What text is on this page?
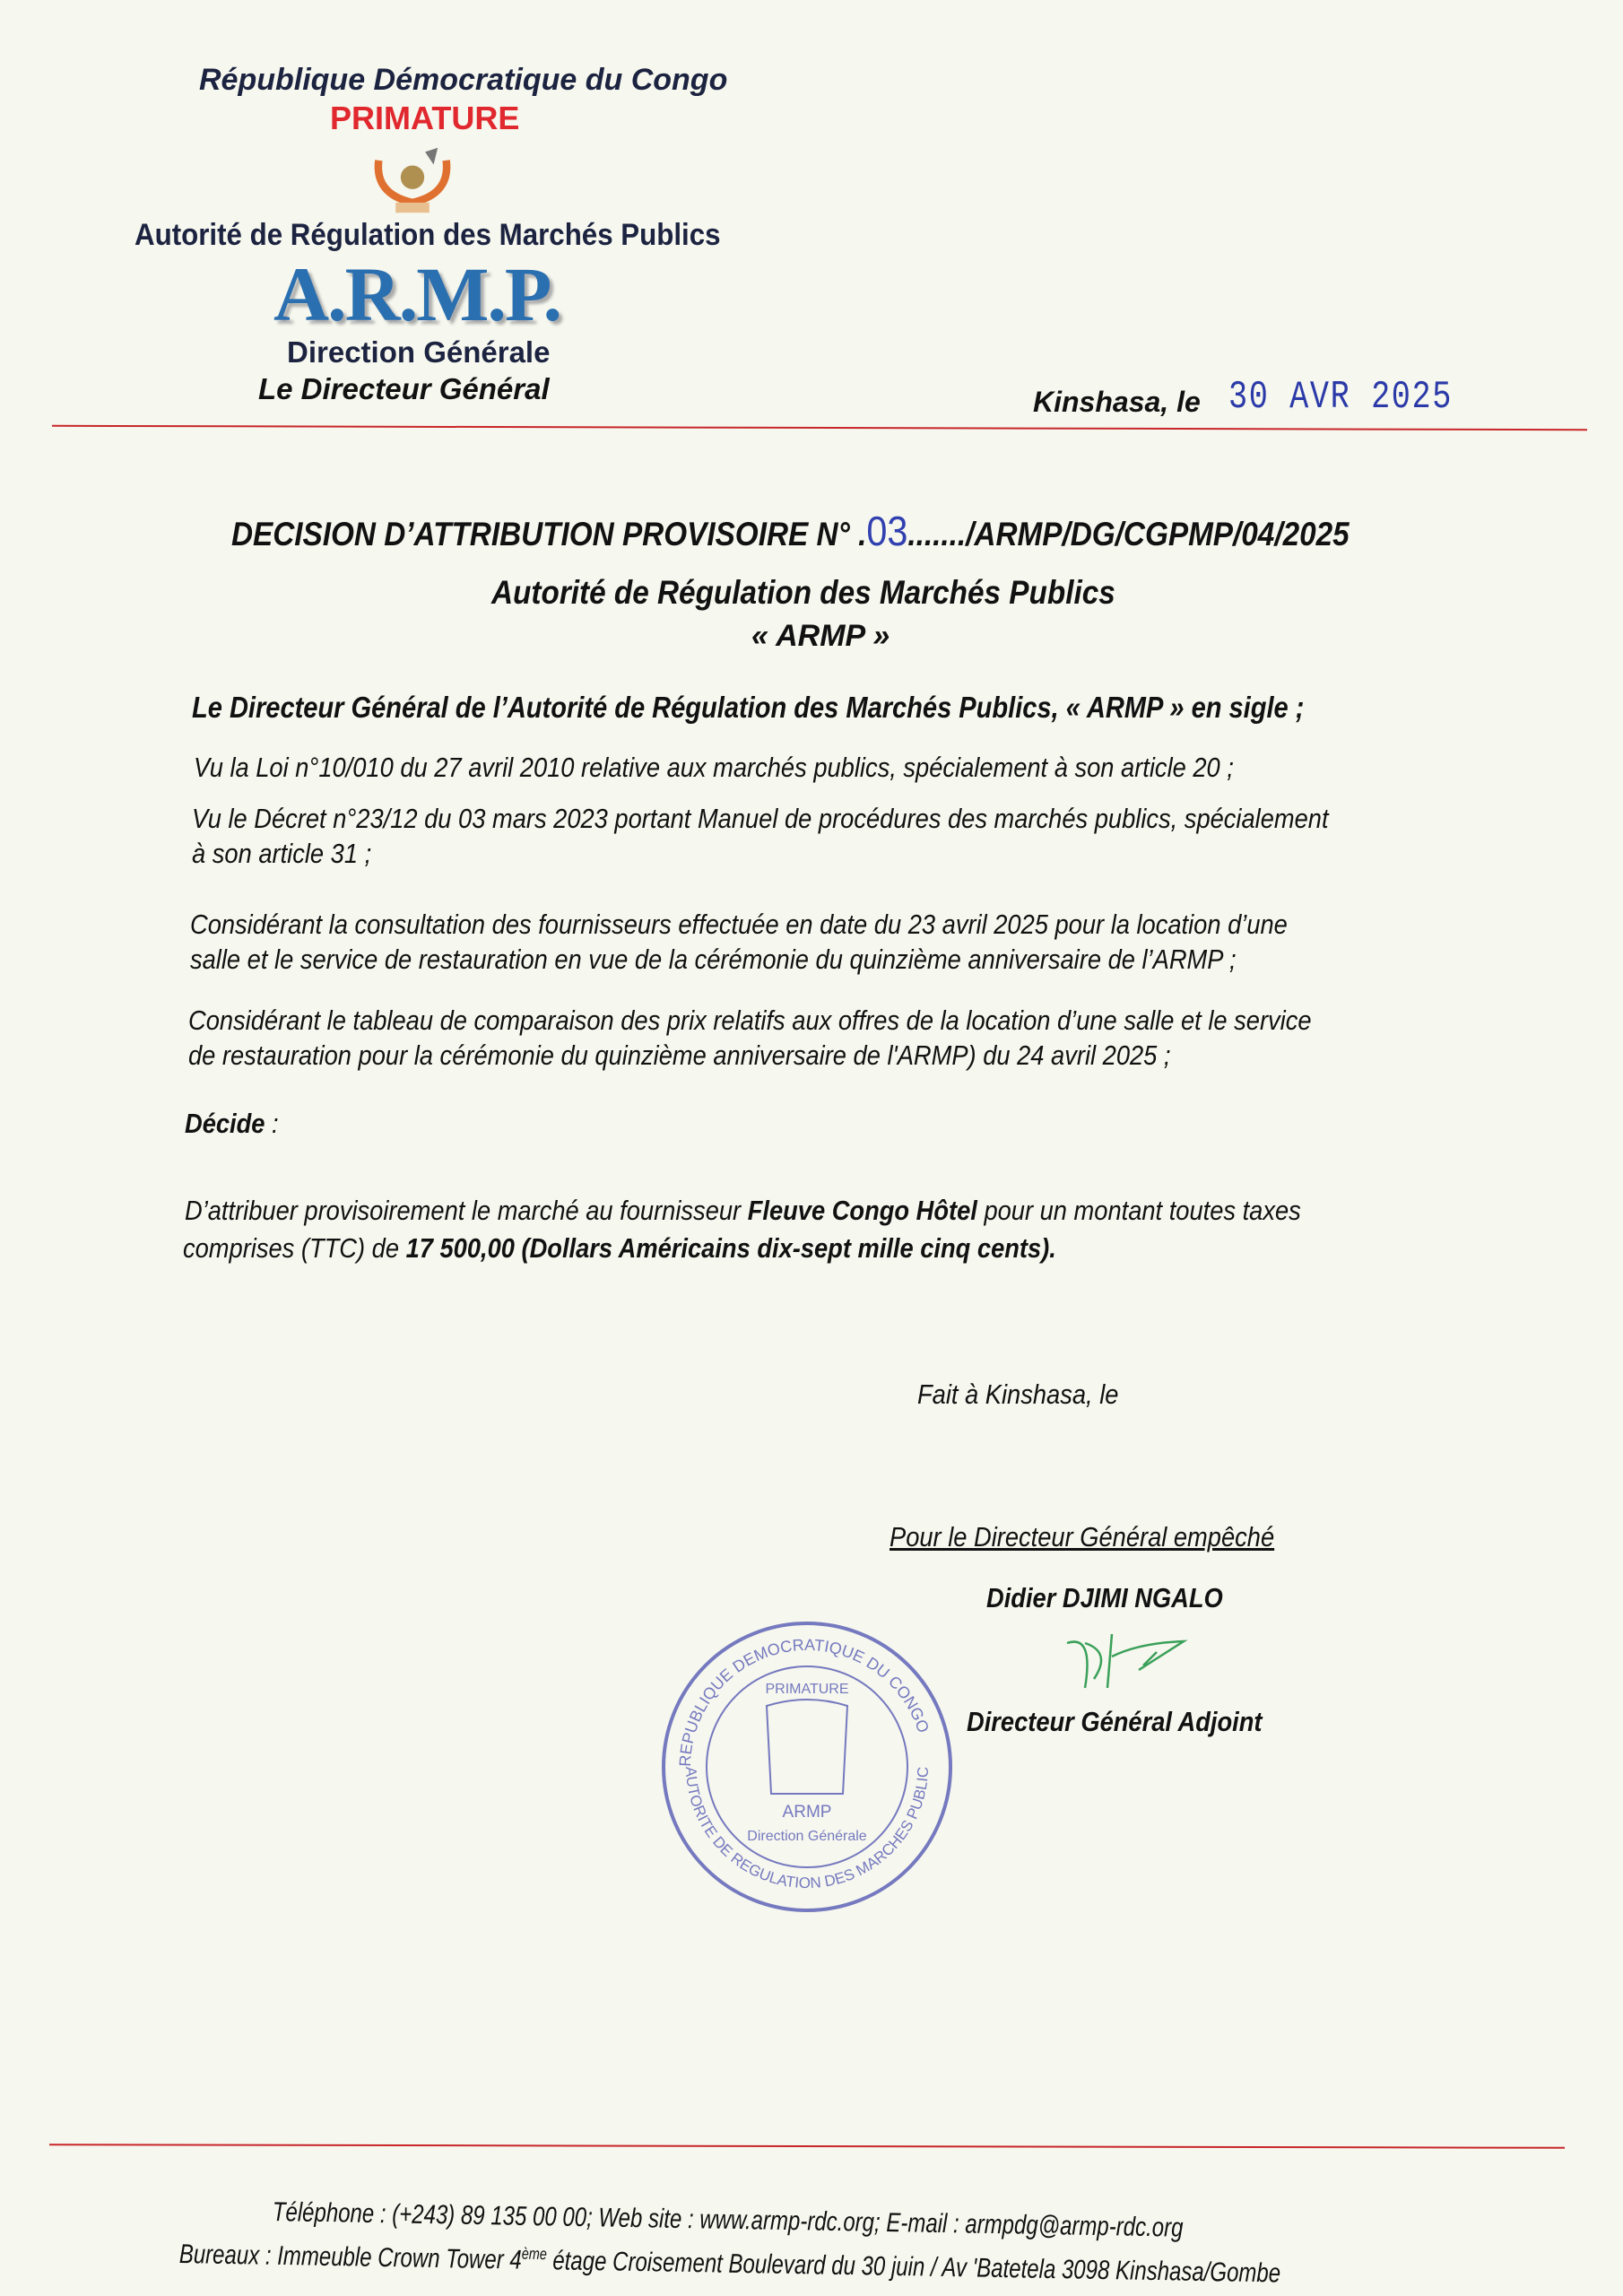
République Démocratique du Congo
PRIMATURE
Autorité de Régulation des Marchés Publics
A.R.M.P.
Direction Générale
Le Directeur Général	Kinshasa, le 30 AVR 2025
DECISION D’ATTRIBUTION PROVISOIRE N° .03......./ARMP/DG/CGPMP/04/2025
Autorité de Régulation des Marchés Publics
« ARMP »
Le Directeur Général de l’Autorité de Régulation des Marchés Publics, « ARMP » en sigle ;
Vu la Loi n°10/010 du 27 avril 2010 relative aux marchés publics, spécialement à son article 20 ;
Vu le Décret n°23/12 du 03 mars 2023 portant Manuel de procédures des marchés publics, spécialement
à son article 31 ;
Considérant la consultation des fournisseurs effectuée en date du 23 avril 2025 pour la location d’une
salle et le service de restauration en vue de la cérémonie du quinzième anniversaire de l’ARMP ;
Considérant le tableau de comparaison des prix relatifs aux offres de la location d’une salle et le service
de restauration pour la cérémonie du quinzième anniversaire de l'ARMP) du 24 avril 2025 ;
Décide :
D’attribuer provisoirement le marché au fournisseur Fleuve Congo Hôtel pour un montant toutes taxes
comprises (TTC) de 17 500,00 (Dollars Américains dix-sept mille cinq cents).
Fait à Kinshasa, le
Pour le Directeur Général empêché
Didier DJIMI NGALO
Directeur Général Adjoint
REPUBLIQUE DEMOCRATIQUE DU CONGO
AUTORITE DE REGULATION DES MARCHES PUBLIC
PRIMATURE
ARMP
Direction Générale
Téléphone : (+243) 89 135 00 00; Web site : www.armp-rdc.org; E-mail : armpdg@armp-rdc.org
Bureaux : Immeuble Crown Tower 4ème étage Croisement Boulevard du 30 juin / Av 'Batetela 3098 Kinshasa/Gombe
